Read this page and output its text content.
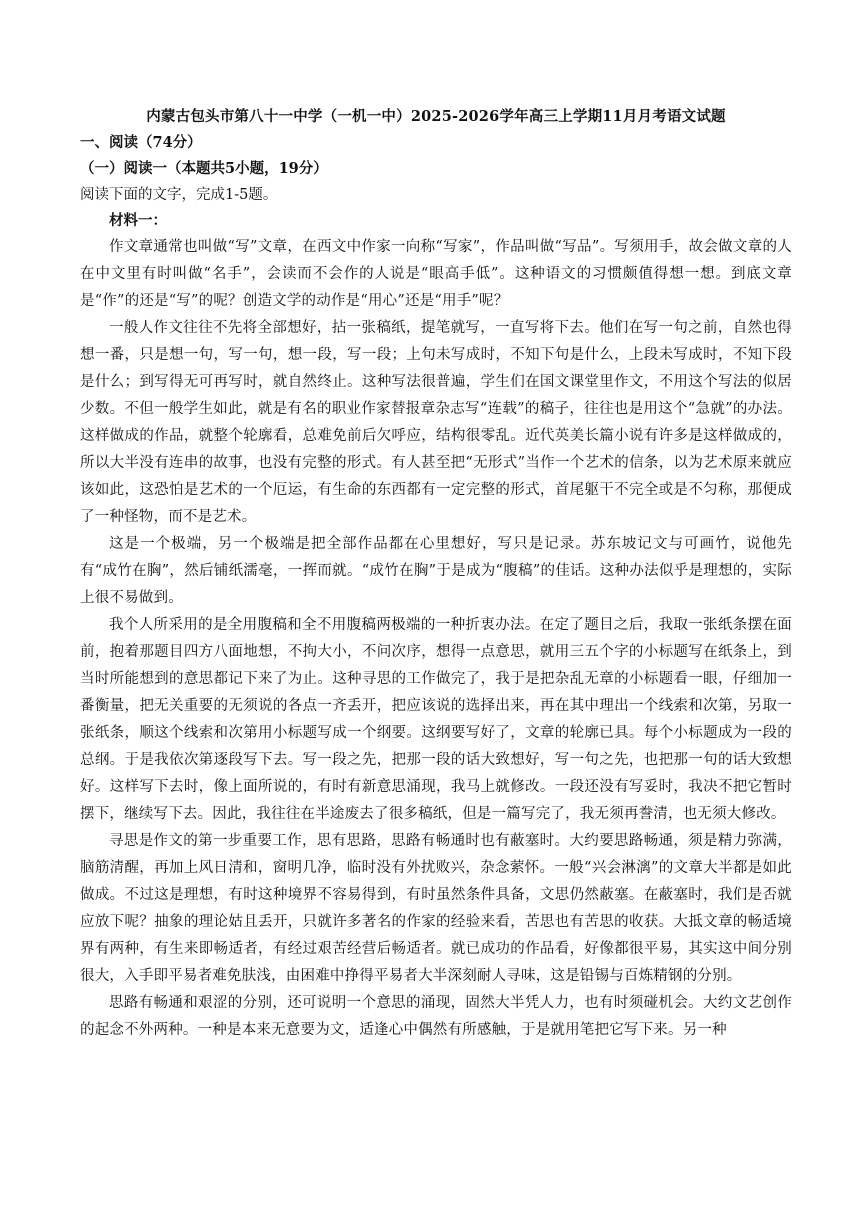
内蒙古包头市第八十一中学（一机一中）2025-2026学年高三上学期11月月考语文试题

一、阅读（74分）

（一）阅读一（本题共5小题，19分）

阅读下面的文字，完成1-5题。

材料一：

作文章通常也叫做“写”文章，在西文中作家一向称“写家”，作品叫做“写品”。写须用手，故会做文章的人在中文里有时叫做“名手”，会读而不会作的人说是“眼高手低”。这种语文的习惯颇值得想一想。到底文章是“作”的还是“写”的呢？创造文学的动作是“用心”还是“用手”呢？

一般人作文往往不先将全部想好，拈一张稿纸，提笔就写，一直写将下去。他们在写一句之前，自然也得想一番，只是想一句，写一句，想一段，写一段；上句未写成时，不知下句是什么，上段未写成时，不知下段是什么；到写得无可再写时，就自然终止。这种写法很普遍，学生们在国文课堂里作文，不用这个写法的似居少数。不但一般学生如此，就是有名的职业作家替报章杂志写“连载”的稿子，往往也是用这个“急就”的办法。这样做成的作品，就整个轮廓看，总难免前后欠呼应，结构很零乱。近代英美长篇小说有许多是这样做成的，所以大半没有连串的故事，也没有完整的形式。有人甚至把“无形式”当作一个艺术的信条，以为艺术原来就应该如此，这恐怕是艺术的一个厄运，有生命的东西都有一定完整的形式，首尾躯干不完全或是不匀称，那便成了一种怪物，而不是艺术。

这是一个极端，另一个极端是把全部作品都在心里想好，写只是记录。苏东坡记文与可画竹，说他先有“成竹在胸”，然后铺纸濡毫，一挥而就。“成竹在胸”于是成为“腹稿”的佳话。这种办法似乎是理想的，实际上很不易做到。

我个人所采用的是全用腹稿和全不用腹稿两极端的一种折衷办法。在定了题目之后，我取一张纸条摆在面前，抱着那题目四方八面地想，不拘大小，不问次序，想得一点意思，就用三五个字的小标题写在纸条上，到当时所能想到的意思都记下来了为止。这种寻思的工作做完了，我于是把杂乱无章的小标题看一眼，仔细加一番衡量，把无关重要的无须说的各点一齐丢开，把应该说的选择出来，再在其中理出一个线索和次第，另取一张纸条，顺这个线索和次第用小标题写成一个纲要。这纲要写好了，文章的轮廓已具。每个小标题成为一段的总纲。于是我依次第逐段写下去。写一段之先，把那一段的话大致想好，写一句之先，也把那一句的话大致想好。这样写下去时，像上面所说的，有时有新意思涌现，我马上就修改。一段还没有写妥时，我决不把它暂时摆下，继续写下去。因此，我往往在半途废去了很多稿纸，但是一篇写完了，我无须再誊清，也无须大修改。

寻思是作文的第一步重要工作，思有思路，思路有畅通时也有蔽塞时。大约要思路畅通，须是精力弥满，脑筋清醒，再加上风日清和，窗明几净，临时没有外扰败兴，杂念萦怀。一般“兴会淋漓”的文章大半都是如此做成。不过这是理想，有时这种境界不容易得到，有时虽然条件具备，文思仍然蔽塞。在蔽塞时，我们是否就应放下呢？抽象的理论姑且丢开，只就许多著名的作家的经验来看，苦思也有苦思的收获。大抵文章的畅适境界有两种，有生来即畅适者，有经过艰苦经营后畅适者。就已成功的作品看，好像都很平易，其实这中间分别很大，入手即平易者难免肤浅，由困难中挣得平易者大半深刻耐人寻味，这是铅锡与百炼精钢的分别。

思路有畅通和艰涩的分别，还可说明一个意思的涌现，固然大半凭人力，也有时须碰机会。大约文艺创作的起念不外两种。一种是本来无意要为文，适逢心中偶然有所感触，于是就用笔把它写下来。另一种
